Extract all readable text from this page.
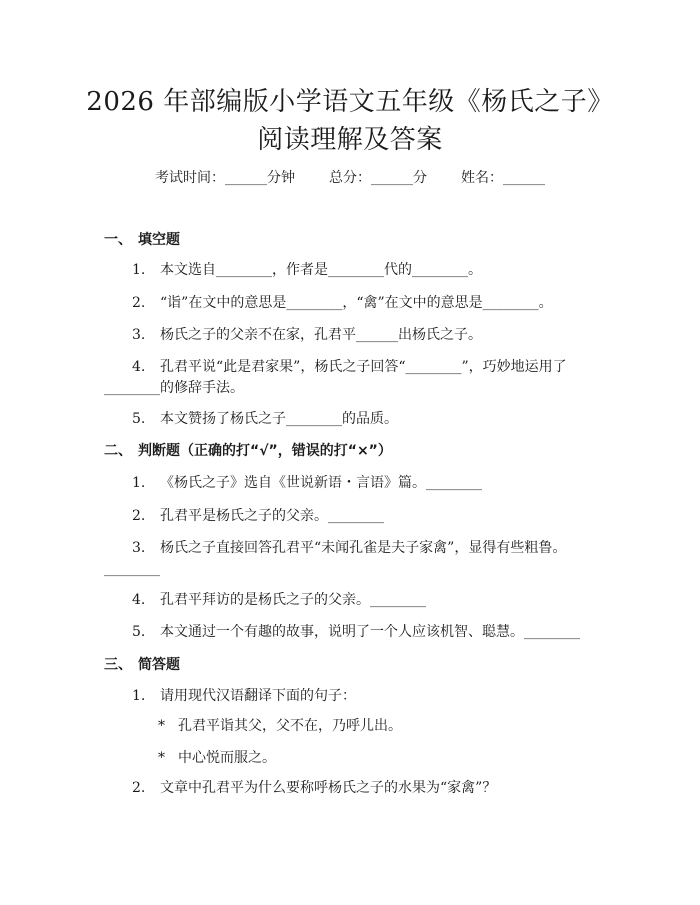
2026 年部编版小学语文五年级《杨氏之子》
阅读理解及答案
考试时间：______分钟 总分：______分 姓名：______
一、 填空题

1.	本文选自________，作者是________代的________。

2.	“诣”在文中的意思是________，“禽”在文中的意思是________。

3.	杨氏之子的父亲不在家，孔君平______出杨氏之子。

4.	孔君平说“此是君家果”，杨氏之子回答“________”，巧妙地运用了

________的修辞手法。

5.	本文赞扬了杨氏之子________的品质。

二、 判断题（正确的打“√”，错误的打“×”）

1.	《杨氏之子》选自《世说新语・言语》篇。________

2.	孔君平是杨氏之子的父亲。________

3.	杨氏之子直接回答孔君平“未闻孔雀是夫子家禽”，显得有些粗鲁。

________

4.	孔君平拜访的是杨氏之子的父亲。________

5.	本文通过一个有趣的故事，说明了一个人应该机智、聪慧。________

三、 简答题

1.	请用现代汉语翻译下面的句子：

* 孔君平诣其父，父不在，乃呼儿出。

* 中心悦而服之。

2.	文章中孔君平为什么要称呼杨氏之子的水果为“家禽”？
